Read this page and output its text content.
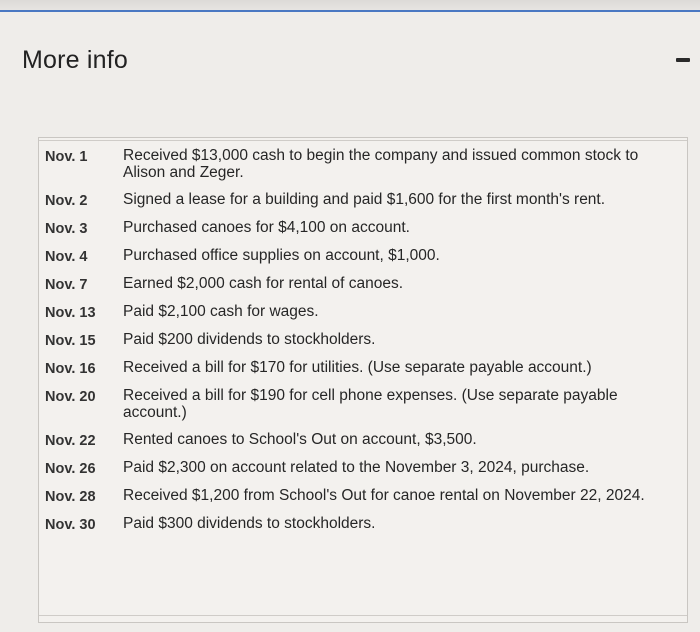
More info
Nov. 1	Received $13,000 cash to begin the company and issued common stock to Alison and Zeger.
Nov. 2	Signed a lease for a building and paid $1,600 for the first month's rent.
Nov. 3	Purchased canoes for $4,100 on account.
Nov. 4	Purchased office supplies on account, $1,000.
Nov. 7	Earned $2,000 cash for rental of canoes.
Nov. 13	Paid $2,100 cash for wages.
Nov. 15	Paid $200 dividends to stockholders.
Nov. 16	Received a bill for $170 for utilities. (Use separate payable account.)
Nov. 20	Received a bill for $190 for cell phone expenses. (Use separate payable account.)
Nov. 22	Rented canoes to School's Out on account, $3,500.
Nov. 26	Paid $2,300 on account related to the November 3, 2024, purchase.
Nov. 28	Received $1,200 from School's Out for canoe rental on November 22, 2024.
Nov. 30	Paid $300 dividends to stockholders.
